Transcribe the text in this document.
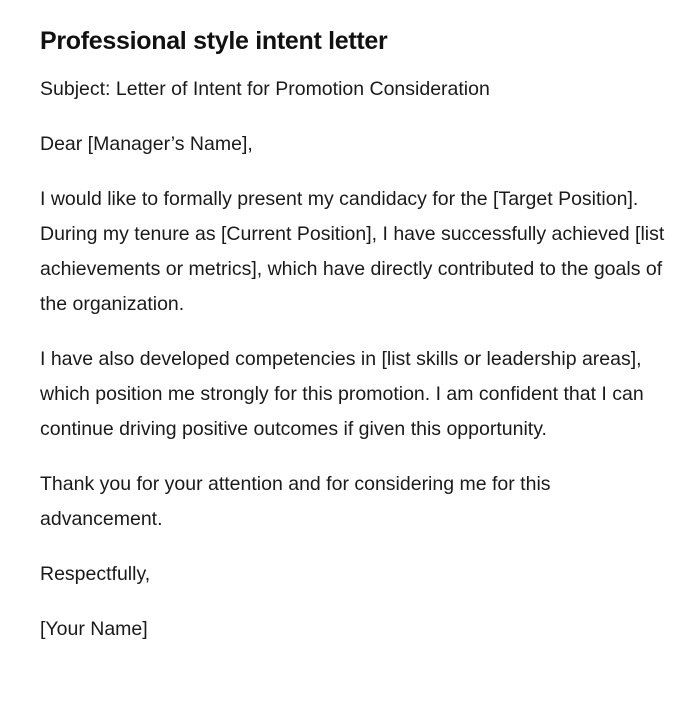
Professional style intent letter

Subject: Letter of Intent for Promotion Consideration

Dear [Manager’s Name],

I would like to formally present my candidacy for the [Target Position]. During my tenure as [Current Position], I have successfully achieved [list achievements or metrics], which have directly contributed to the goals of the organization.

I have also developed competencies in [list skills or leadership areas], which position me strongly for this promotion. I am confident that I can continue driving positive outcomes if given this opportunity.

Thank you for your attention and for considering me for this advancement.

Respectfully,

[Your Name]
